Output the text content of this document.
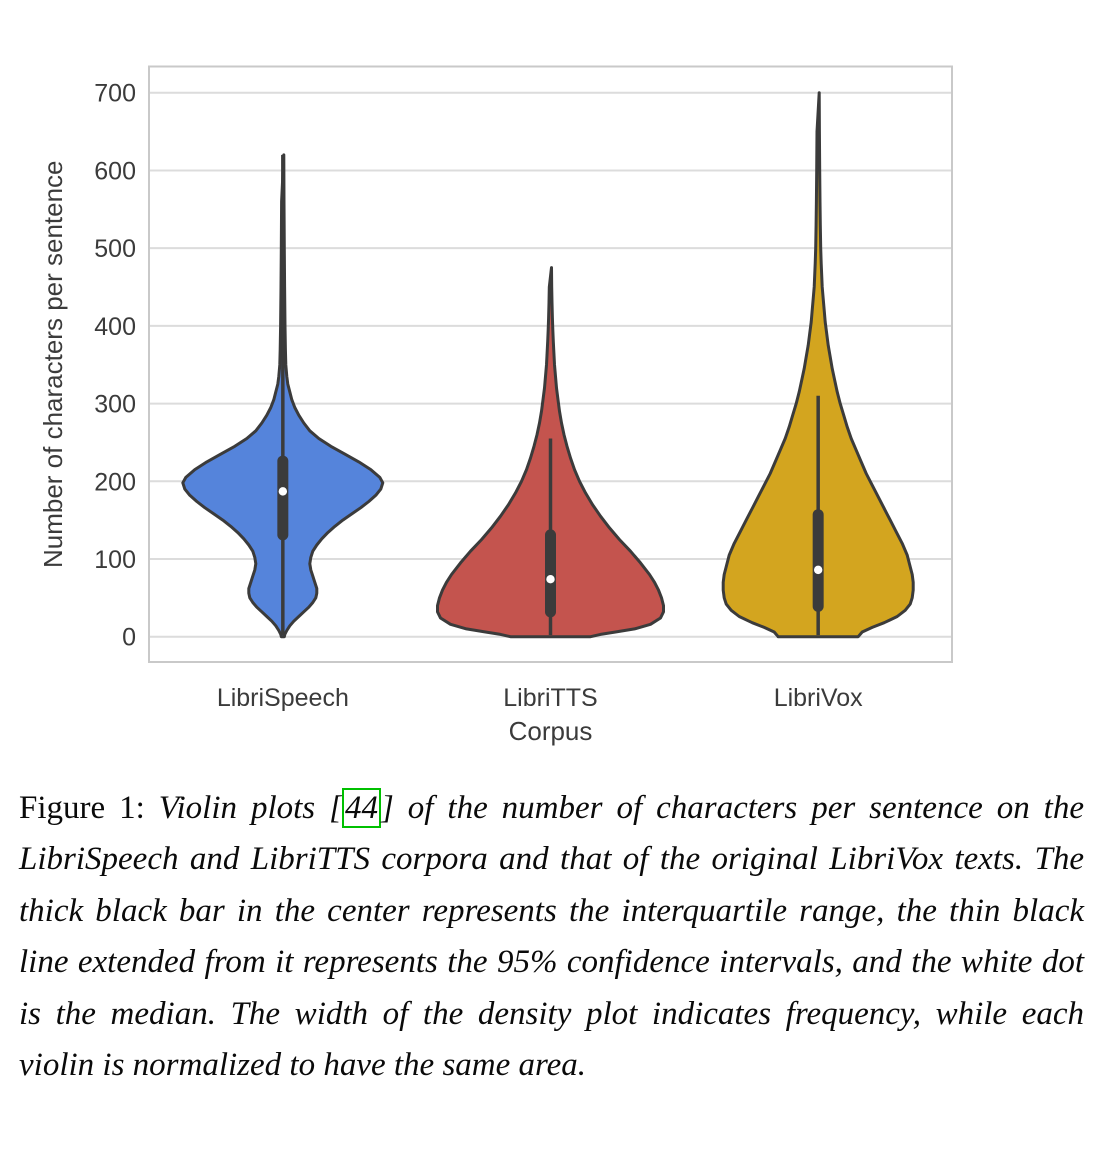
0
100
200
300
400
500
600
700
Number of characters per sentence
LibriSpeech	LibriTTS	LibriVox
Corpus

Figure 1: Violin plots [44] of the number of characters per sentence on the LibriSpeech and LibriTTS corpora and that of the original LibriVox texts. The thick black bar in the center represents the interquartile range, the thin black line extended from it represents the 95% confidence intervals, and the white dot is the median. The width of the density plot indicates frequency, while each violin is normalized to have the same area.
